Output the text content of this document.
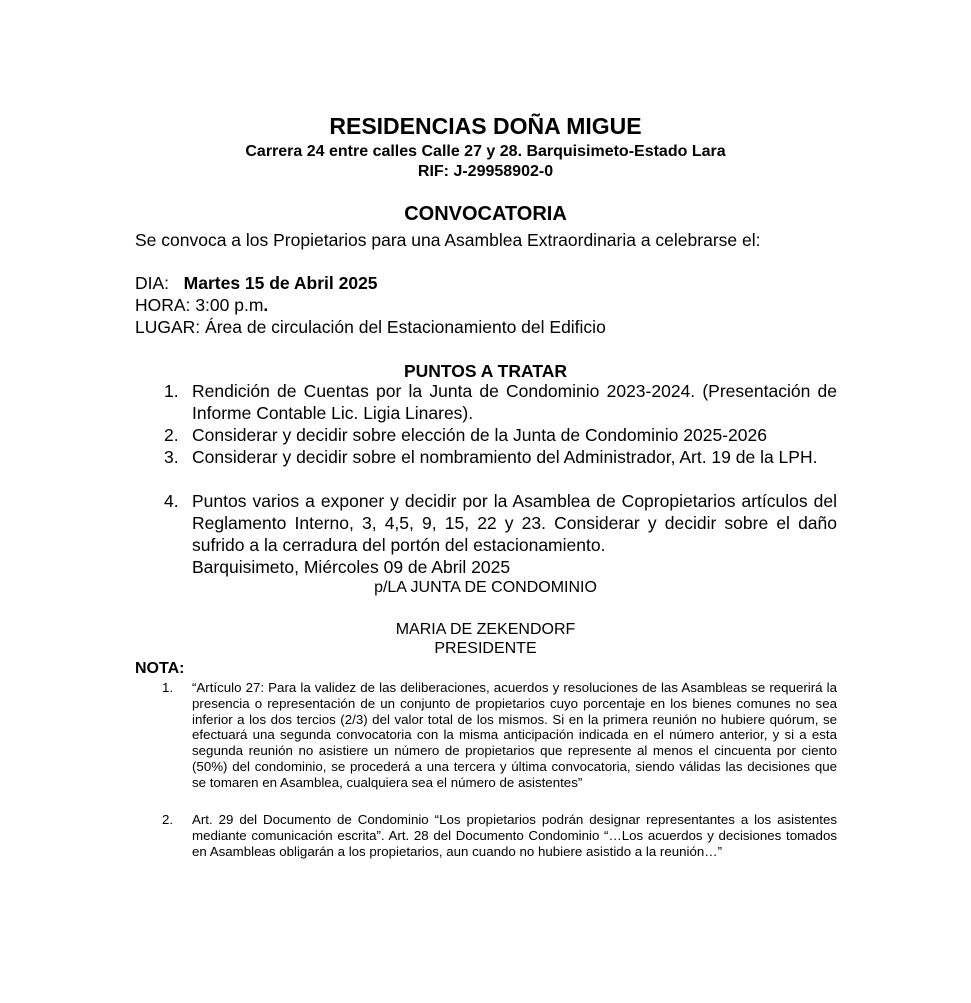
RESIDENCIAS DOÑA MIGUE
Carrera 24 entre calles Calle 27 y 28. Barquisimeto-Estado Lara
RIF: J-29958902-0
CONVOCATORIA
Se convoca a los Propietarios para una Asamblea Extraordinaria a celebrarse el:
DIA: Martes 15 de Abril 2025
HORA: 3:00 p.m.
LUGAR: Área de circulación del Estacionamiento del Edificio
PUNTOS A TRATAR
1. Rendición de Cuentas por la Junta de Condominio 2023-2024. (Presentación de Informe Contable Lic. Ligia Linares).
2. Considerar y decidir sobre elección de la Junta de Condominio 2025-2026
3. Considerar y decidir sobre el nombramiento del Administrador, Art. 19 de la LPH.
4. Puntos varios a exponer y decidir por la Asamblea de Copropietarios artículos del Reglamento Interno, 3, 4,5, 9, 15, 22 y 23. Considerar y decidir sobre el daño sufrido a la cerradura del portón del estacionamiento.
Barquisimeto, Miércoles 09 de Abril 2025
p/LA JUNTA DE CONDOMINIO
MARIA DE ZEKENDORF
PRESIDENTE
NOTA:
1. “Artículo 27: Para la validez de las deliberaciones, acuerdos y resoluciones de las Asambleas se requerirá la presencia o representación de un conjunto de propietarios cuyo porcentaje en los bienes comunes no sea inferior a los dos tercios (2/3) del valor total de los mismos. Si en la primera reunión no hubiere quórum, se efectuará una segunda convocatoria con la misma anticipación indicada en el número anterior, y si a esta segunda reunión no asistiere un número de propietarios que represente al menos el cincuenta por ciento (50%) del condominio, se procederá a una tercera y última convocatoria, siendo válidas las decisiones que se tomaren en Asamblea, cualquiera sea el número de asistentes”
2. Art. 29 del Documento de Condominio “Los propietarios podrán designar representantes a los asistentes mediante comunicación escrita”. Art. 28 del Documento Condominio “…Los acuerdos y decisiones tomados en Asambleas obligarán a los propietarios, aun cuando no hubiere asistido a la reunión…”
